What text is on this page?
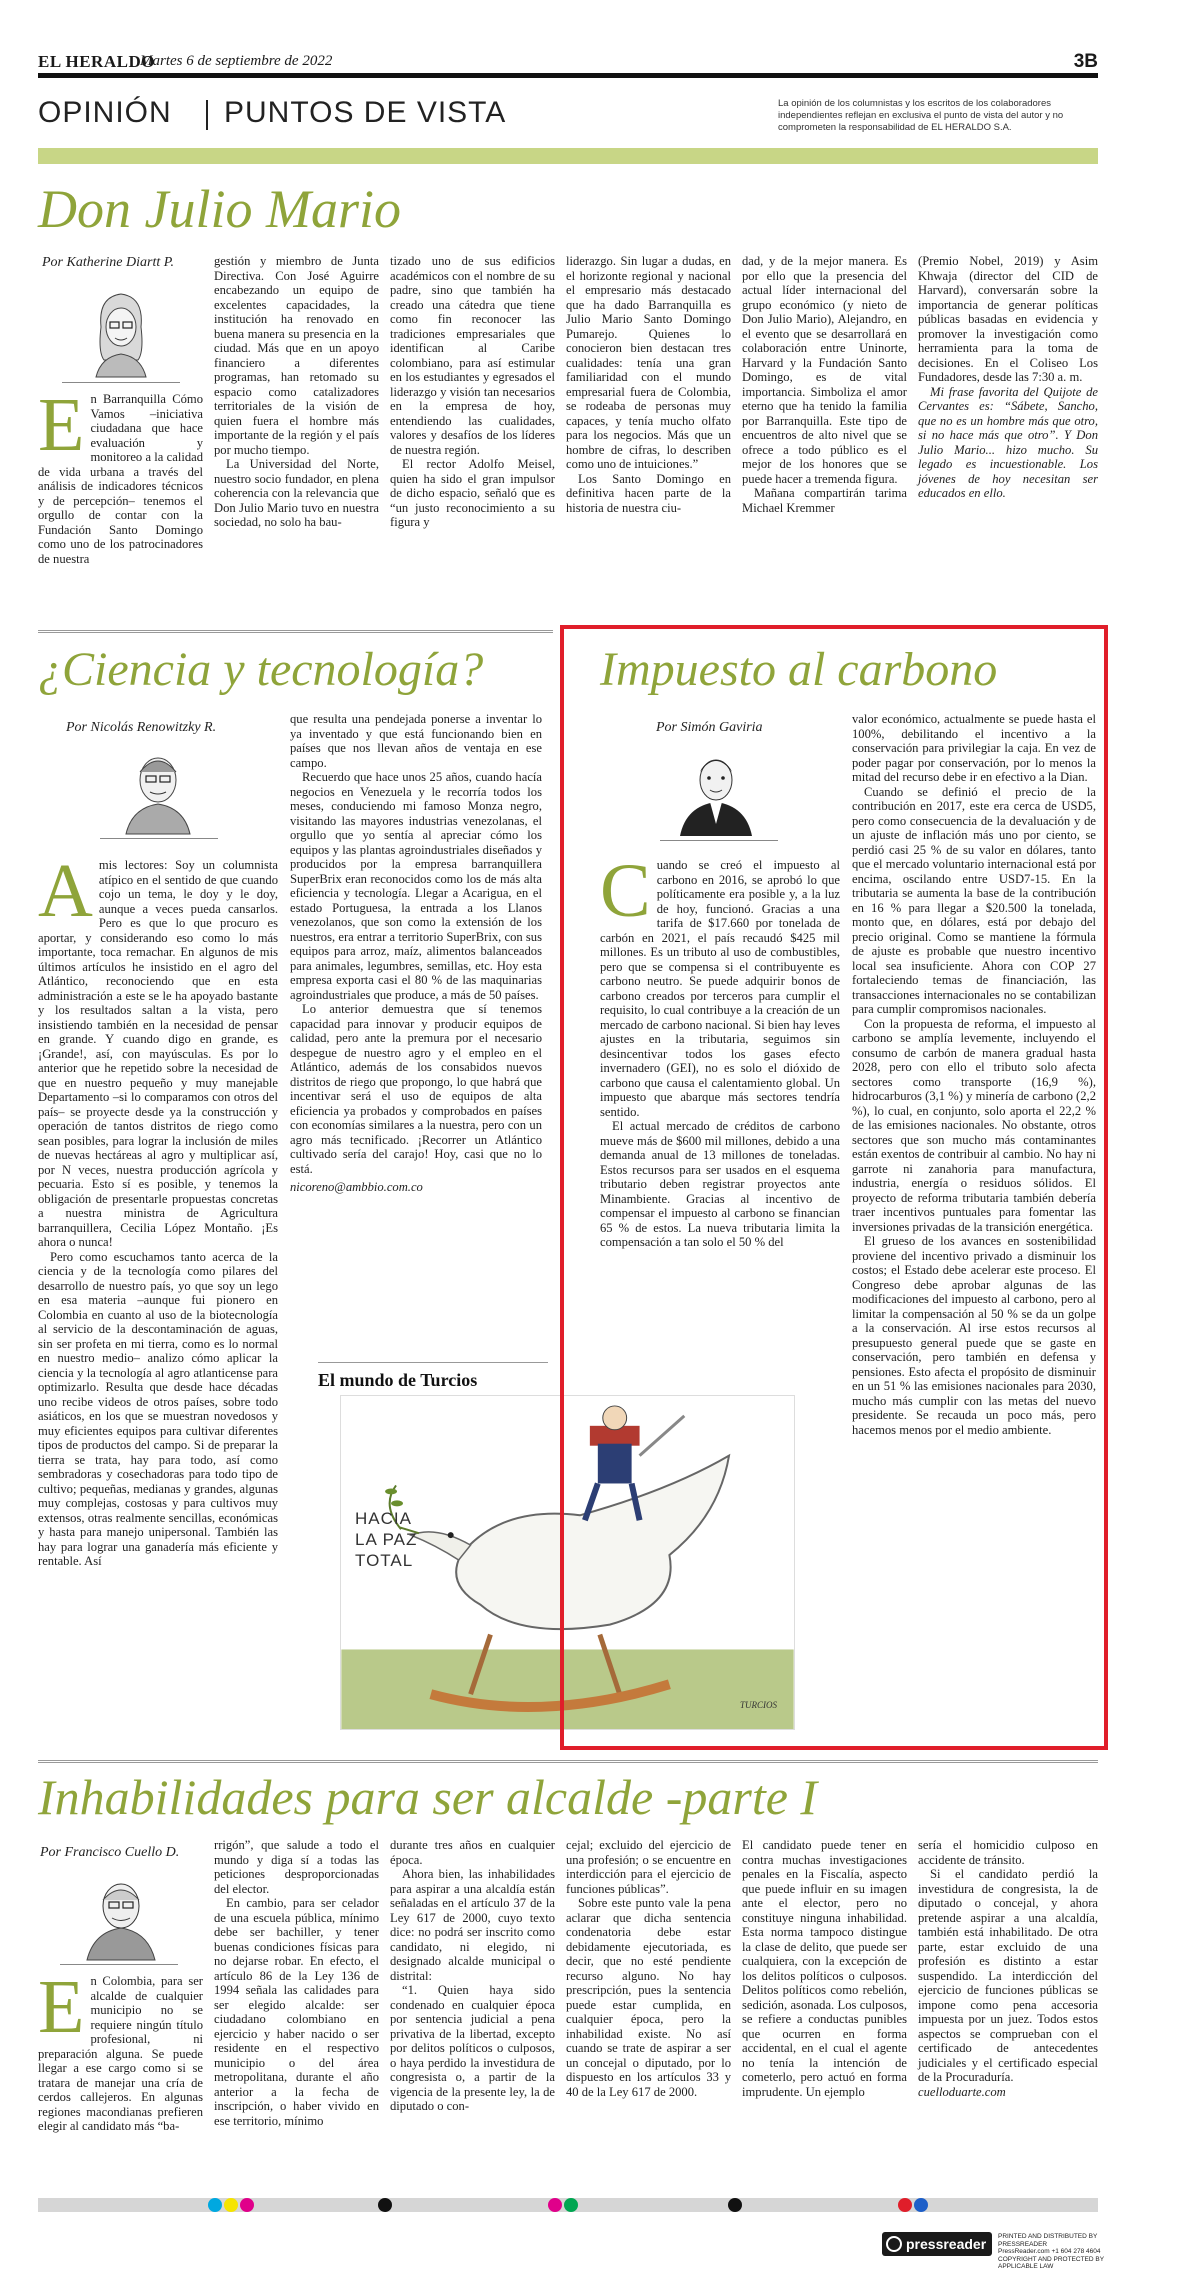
EL HERALDO
Martes 6 de septiembre de 2022	3B
OPINIÓN PUNTOS DE VISTA	La opinión de los columnistas y los escritos de los colaboradores independientes reflejan en exclusiva el punto de vista del autor y no comprometen la responsabilidad de EL HERALDO S.A.
Don Julio Mario
Por Katherine Diartt P.

En Barranquilla Cómo Vamos –iniciativa ciudadana que hace evaluación y monitoreo a la calidad de vida urbana a través del análisis de indicadores técnicos y de percepción– tenemos el orgullo de contar con la Fundación Santo Domingo como uno de los patrocinadores de nuestra

gestión y miembro de Junta Directiva. Con José Aguirre encabezando un equipo de excelentes capacidades, la institución ha renovado en buena manera su presencia en la ciudad. Más que en un apoyo financiero a diferentes programas, han retomado su espacio como catalizadores territoriales de la visión de quien fuera el hombre más importante de la región y el país por mucho tiempo.

La Universidad del Norte, nuestro socio fundador, en plena coherencia con la relevancia que Don Julio Mario tuvo en nuestra sociedad, no solo ha bau-

tizado uno de sus edificios académicos con el nombre de su padre, sino que también ha creado una cátedra que tiene como fin reconocer las tradiciones empresariales que identifican al Caribe colombiano, para así estimular en los estudiantes y egresados el liderazgo y visión tan necesarios en la empresa de hoy, entendiendo las cualidades, valores y desafíos de los líderes de nuestra región.

El rector Adolfo Meisel, quien ha sido el gran impulsor de dicho espacio, señaló que es “un justo reconocimiento a su figura y

liderazgo. Sin lugar a dudas, en el horizonte regional y nacional el empresario más destacado que ha dado Barranquilla es Julio Mario Santo Domingo Pumarejo. Quienes lo conocieron bien destacan tres cualidades: tenía una gran familiaridad con el mundo empresarial fuera de Colombia, se rodeaba de personas muy capaces, y tenía mucho olfato para los negocios. Más que un hombre de cifras, lo describen como uno de intuiciones.”

Los Santo Domingo en definitiva hacen parte de la historia de nuestra ciu-

dad, y de la mejor manera. Es por ello que la presencia del actual líder internacional del grupo económico (y nieto de Don Julio Mario), Alejandro, en el evento que se desarrollará en colaboración entre Uninorte, Harvard y la Fundación Santo Domingo, es de vital importancia. Simboliza el amor eterno que ha tenido la familia por Barranquilla. Este tipo de encuentros de alto nivel que se ofrece a todo público es el mejor de los honores que se puede hacer a tremenda figura.

Mañana compartirán tarima Michael Kremmer

(Premio Nobel, 2019) y Asim Khwaja (director del CID de Harvard), conversarán sobre la importancia de generar políticas públicas basadas en evidencia y promover la investigación como herramienta para la toma de decisiones. En el Coliseo Los Fundadores, desde las 7:30 a. m.

Mi frase favorita del Quijote de Cervantes es: “Sábete, Sancho, que no es un hombre más que otro, si no hace más que otro”. Y Don Julio Mario... hizo mucho. Su legado es incuestionable. Los jóvenes de hoy necesitan ser educados en ello.

¿Ciencia y tecnología?
Por Nicolás Renowitzky R.

Amis lectores: Soy un columnista atípico en el sentido de que cuando cojo un tema, le doy y le doy, aunque a veces pueda cansarlos. Pero es que lo que procuro es aportar, y considerando eso como lo más importante, toca remachar. En algunos de mis últimos artículos he insistido en el agro del Atlántico, reconociendo que en esta administración a este se le ha apoyado bastante y los resultados saltan a la vista, pero insistiendo también en la necesidad de pensar en grande. Y cuando digo en grande, es ¡Grande!, así, con mayúsculas. Es por lo anterior que he repetido sobre la necesidad de que en nuestro pequeño y muy manejable Departamento –si lo comparamos con otros del país– se proyecte desde ya la construcción y operación de tantos distritos de riego como sean posibles, para lograr la inclusión de miles de nuevas hectáreas al agro y multiplicar así, por N veces, nuestra producción agrícola y pecuaria. Esto sí es posible, y tenemos la obligación de presentarle propuestas concretas a nuestra ministra de Agricultura barranquillera, Cecilia López Montaño. ¡Es ahora o nunca!

Pero como escuchamos tanto acerca de la ciencia y de la tecnología como pilares del desarrollo de nuestro país, yo que soy un lego en esa materia –aunque fui pionero en Colombia en cuanto al uso de la biotecnología al servicio de la descontaminación de aguas, sin ser profeta en mi tierra, como es lo normal en nuestro medio– analizo cómo aplicar la ciencia y la tecnología al agro atlanticense para optimizarlo. Resulta que desde hace décadas uno recibe videos de otros países, sobre todo asiáticos, en los que se muestran novedosos y muy eficientes equipos para cultivar diferentes tipos de productos del campo. Si de preparar la tierra se trata, hay para todo, así como sembradoras y cosechadoras para todo tipo de cultivo; pequeñas, medianas y grandes, algunas muy complejas, costosas y para cultivos muy extensos, otras realmente sencillas, económicas y hasta para manejo unipersonal. También las hay para lograr una ganadería más eficiente y rentable. Así

que resulta una pendejada ponerse a inventar lo ya inventado y que está funcionando bien en países que nos llevan años de ventaja en ese campo.

Recuerdo que hace unos 25 años, cuando hacía negocios en Venezuela y le recorría todos los meses, conduciendo mi famoso Monza negro, visitando las mayores industrias venezolanas, el orgullo que yo sentía al apreciar cómo los equipos y las plantas agroindustriales diseñados y producidos por la empresa barranquillera SuperBrix eran reconocidos como los de más alta eficiencia y tecnología. Llegar a Acarigua, en el estado Portuguesa, la entrada a los Llanos venezolanos, que son como la extensión de los nuestros, era entrar a territorio SuperBrix, con sus equipos para arroz, maíz, alimentos balanceados para animales, legumbres, semillas, etc. Hoy esta empresa exporta casi el 80 % de las maquinarias agroindustriales que produce, a más de 50 países.

Lo anterior demuestra que sí tenemos capacidad para innovar y producir equipos de calidad, pero ante la premura por el necesario despegue de nuestro agro y el empleo en el Atlántico, además de los consabidos nuevos distritos de riego que propongo, lo que habrá que incentivar será el uso de equipos de alta eficiencia ya probados y comprobados en países con economías similares a la nuestra, pero con un agro más tecnificado. ¡Recorrer un Atlántico cultivado sería del carajo! Hoy, casi que no lo está.

nicoreno@ambbio.com.co

El mundo de Turcios
HACIA
LA PAZ
TOTAL
TURCIOS
Impuesto al carbono
Por Simón Gaviria

Cuando se creó el impuesto al carbono en 2016, se aprobó lo que políticamente era posible y, a la luz de hoy, funcionó. Gracias a una tarifa de $17.660 por tonelada de carbón en 2021, el país recaudó $425 mil millones. Es un tributo al uso de combustibles, pero que se compensa si el contribuyente es carbono neutro. Se puede adquirir bonos de carbono creados por terceros para cumplir el requisito, lo cual contribuye a la creación de un mercado de carbono nacional. Si bien hay leves ajustes en la tributaria, seguimos sin desincentivar todos los gases efecto invernadero (GEI), no es solo el dióxido de carbono que causa el calentamiento global. Un impuesto que abarque más sectores tendría sentido.

El actual mercado de créditos de carbono mueve más de $600 mil millones, debido a una demanda anual de 13 millones de toneladas. Estos recursos para ser usados en el esquema tributario deben registrar proyectos ante Minambiente. Gracias al incentivo de compensar el impuesto al carbono se financian 65 % de estos. La nueva tributaria limita la compensación a tan solo el 50 % del

valor económico, actualmente se puede hasta el 100%, debilitando el incentivo a la conservación para privilegiar la caja. En vez de poder pagar por conservación, por lo menos la mitad del recurso debe ir en efectivo a la Dian.

Cuando se definió el precio de la contribución en 2017, este era cerca de USD5, pero como consecuencia de la devaluación y de un ajuste de inflación más uno por ciento, se perdió casi 25 % de su valor en dólares, tanto que el mercado voluntario internacional está por encima, oscilando entre USD7-15. En la tributaria se aumenta la base de la contribución en 16 % para llegar a $20.500 la tonelada, monto que, en dólares, está por debajo del precio original. Como se mantiene la fórmula de ajuste es probable que nuestro incentivo local sea insuficiente. Ahora con COP 27 fortaleciendo temas de financiación, las transacciones internacionales no se contabilizan para cumplir compromisos nacionales.

Con la propuesta de reforma, el impuesto al carbono se amplía levemente, incluyendo el consumo de carbón de manera gradual hasta 2028, pero con ello el tributo solo afecta sectores como transporte (16,9 %), hidrocarburos (3,1 %) y minería de carbono (2,2 %), lo cual, en conjunto, solo aporta el 22,2 % de las emisiones nacionales. No obstante, otros sectores que son mucho más contaminantes están exentos de contribuir al cambio. No hay ni garrote ni zanahoria para manufactura, industria, energía o residuos sólidos. El proyecto de reforma tributaria también debería traer incentivos puntuales para fomentar las inversiones privadas de la transición energética.

El grueso de los avances en sostenibilidad proviene del incentivo privado a disminuir los costos; el Estado debe acelerar este proceso. El Congreso debe aprobar algunas de las modificaciones del impuesto al carbono, pero al limitar la compensación al 50 % se da un golpe a la conservación. Al irse estos recursos al presupuesto general puede que se gaste en conservación, pero también en defensa y pensiones. Esto afecta el propósito de disminuir en un 51 % las emisiones nacionales para 2030, mucho más cumplir con las metas del nuevo presidente. Se recauda un poco más, pero hacemos menos por el medio ambiente.

Inhabilidades para ser alcalde -parte I
Por Francisco Cuello D.

En Colombia, para ser alcalde de cualquier municipio no se requiere ningún título profesional, ni preparación alguna. Se puede llegar a ese cargo como si se tratara de manejar una cría de cerdos callejeros. En algunas regiones macondianas prefieren elegir al candidato más “ba-

rrigón”, que salude a todo el mundo y diga sí a todas las peticiones desproporcionadas del elector.

En cambio, para ser celador de una escuela pública, mínimo debe ser bachiller, y tener buenas condiciones físicas para no dejarse robar. En efecto, el artículo 86 de la Ley 136 de 1994 señala las calidades para ser elegido alcalde: ser ciudadano colombiano en ejercicio y haber nacido o ser residente en el respectivo municipio o del área metropolitana, durante el año anterior a la fecha de inscripción, o haber vivido en ese territorio, mínimo

durante tres años en cualquier época.

Ahora bien, las inhabilidades para aspirar a una alcaldía están señaladas en el artículo 37 de la Ley 617 de 2000, cuyo texto dice: no podrá ser inscrito como candidato, ni elegido, ni designado alcalde municipal o distrital:

“1. Quien haya sido condenado en cualquier época por sentencia judicial a pena privativa de la libertad, excepto por delitos políticos o culposos, o haya perdido la investidura de congresista o, a partir de la vigencia de la presente ley, la de diputado o con-

cejal; excluido del ejercicio de una profesión; o se encuentre en interdicción para el ejercicio de funciones públicas”.

Sobre este punto vale la pena aclarar que dicha sentencia condenatoria debe estar debidamente ejecutoriada, es decir, que no esté pendiente recurso alguno. No hay prescripción, pues la sentencia puede estar cumplida, en cualquier época, pero la inhabilidad existe. No así cuando se trate de aspirar a ser un concejal o diputado, por lo dispuesto en los artículos 33 y 40 de la Ley 617 de 2000.

El candidato puede tener en contra muchas investigaciones penales en la Fiscalía, aspecto que puede influir en su imagen ante el elector, pero no constituye ninguna inhabilidad. Esta norma tampoco distingue la clase de delito, que puede ser cualquiera, con la excepción de los delitos políticos o culposos. Delitos políticos como rebelión, sedición, asonada. Los culposos, se refiere a conductas punibles que ocurren en forma accidental, en el cual el agente no tenía la intención de cometerlo, pero actuó en forma imprudente. Un ejemplo

sería el homicidio culposo en accidente de tránsito.

Si el candidato perdió la investidura de congresista, la de diputado o concejal, y ahora pretende aspirar a una alcaldía, también está inhabilitado. De otra parte, estar excluido de una profesión es distinto a estar suspendido. La interdicción del ejercicio de funciones públicas se impone como pena accesoria impuesta por un juez. Todos estos aspectos se comprueban con el certificado de antecedentes judiciales y el certificado especial de la Procuraduría.

cuelloduarte.com

pressreader	PRINTED AND DISTRIBUTED BY PRESSREADER
PressReader.com +1 604 278 4604
COPYRIGHT AND PROTECTED BY APPLICABLE LAW
